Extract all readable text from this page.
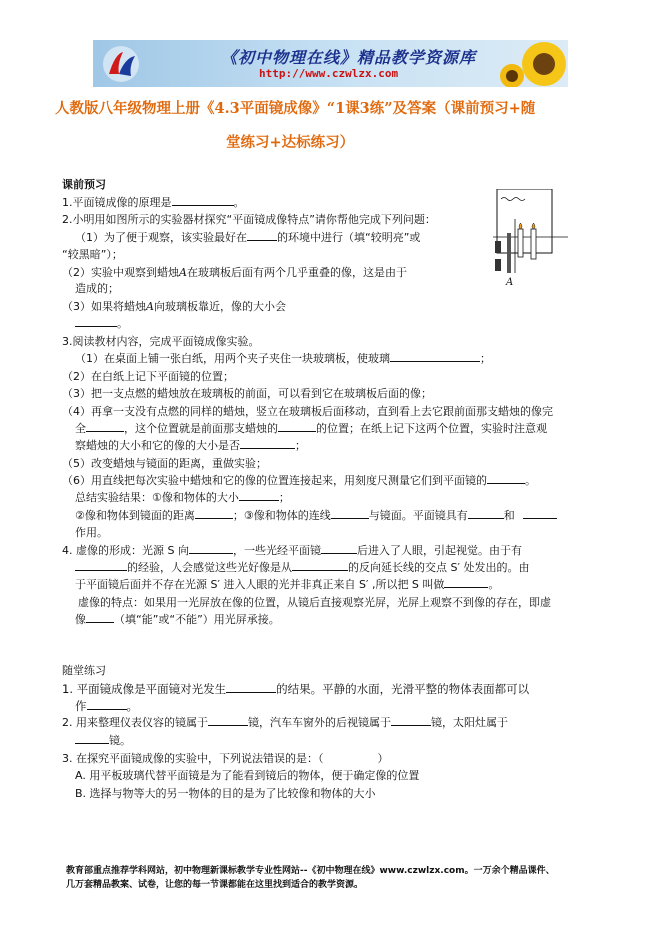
《初中物理在线》精品教学资源库
http://www.czwlzx.com
人教版八年级物理上册《4.3平面镜成像》“1课3练”及答案（课前预习+随
堂练习+达标练习）
课前预习
1.平面镜成像的原理是	。
2.小明用如图所示的实验器材探究“平面镜成像特点”请你帮他完成下列问题：
（1）为了便于观察，该实验最好在	的环境中进行（填“较明亮”或
“较黑暗”）；
（2）实验中观察到蜡烛A在玻璃板后面有两个几乎重叠的像，这是由于
造成的；
（3）如果将蜡烛A向玻璃板靠近，像的大小会
。
A
3.阅读教材内容，完成平面镜成像实验。
（1）在桌面上铺一张白纸，用两个夹子夹住一块玻璃板，使玻璃	；
（2）在白纸上记下平面镜的位置；
（3）把一支点燃的蜡烛放在玻璃板的前面，可以看到它在玻璃板后面的像；
（4）再拿一支没有点燃的同样的蜡烛，竖立在玻璃板后面移动，直到看上去它跟前面那支蜡烛的像完
全	，这个位置就是前面那支蜡烛的	的位置；在纸上记下这两个位置，实验时注意观
察蜡烛的大小和它的像的大小是否	；
（5）改变蜡烛与镜面的距离，重做实验；
（6）用直线把每次实验中蜡烛和它的像的位置连接起来，用刻度尺测量它们到平面镜的	。
总结实验结果：①像和物体的大小	；
②像和物体到镜面的距离	；③像和物体的连线	与镜面。平面镜具有	和
作用。
4. 虚像的形成：光源 S 向	，一些光经平面镜	后进入了人眼，引起视觉。由于有
的经验，人会感觉这些光好像是从	的反向延长线的交点 S′ 处发出的。由
于平面镜后面并不存在光源 S′ 进入人眼的光并非真正来自 S′ ,所以把 S 叫做	。
虚像的特点：如果用一光屏放在像的位置，从镜后直接观察光屏，光屏上观察不到像的存在，即虚
像	（填“能”或“不能”）用光屏承接。
随堂练习
1. 平面镜成像是平面镜对光发生	的结果。平静的水面，光滑平整的物体表面都可以
作	。
2. 用来整理仪表仪容的镜属于	镜，汽车车窗外的后视镜属于	镜，太阳灶属于
镜。
3. 在探究平面镜成像的实验中，下列说法错误的是：（	）
A. 用平板玻璃代替平面镜是为了能看到镜后的物体，便于确定像的位置
B. 选择与物等大的另一物体的目的是为了比较像和物体的大小
教育部重点推荐学科网站，初中物理新课标教学专业性网站--《初中物理在线》www.czwlzx.com。一万余个精品课件、
几万套精品教案、试卷，让您的每一节课都能在这里找到适合的教学资源。
